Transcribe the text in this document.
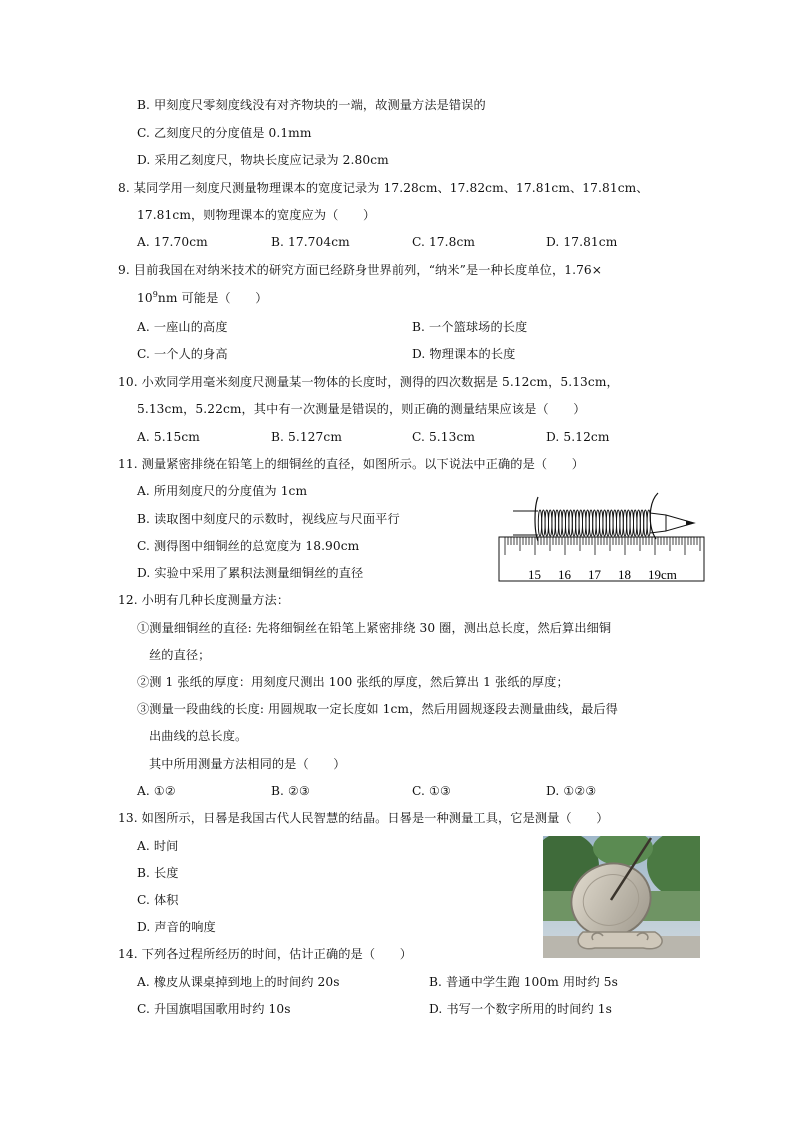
B. 甲刻度尺零刻度线没有对齐物块的一端，故测量方法是错误的
C. 乙刻度尺的分度值是 0.1mm
D. 采用乙刻度尺，物块长度应记录为 2.80cm
8. 某同学用一刻度尺测量物理课本的宽度记录为 17.28cm、17.82cm、17.81cm、17.81cm、
17.81cm，则物理课本的宽度应为（　　）
A. 17.70cm	B. 17.704cm	C. 17.8cm	D. 17.81cm
9. 目前我国在对纳米技术的研究方面已经跻身世界前列，“纳米”是一种长度单位，1.76×
$10^9nm$ 可能是（　　）
A. 一座山的高度	B. 一个篮球场的长度
C. 一个人的身高	D. 物理课本的长度
10. 小欢同学用毫米刻度尺测量某一物体的长度时，测得的四次数据是 5.12cm，5.13cm，
5.13cm，5.22cm，其中有一次测量是错误的，则正确的测量结果应该是（　　）
A. 5.15cm	B. 5.127cm	C. 5.13cm	D. 5.12cm
11. 测量紧密排绕在铅笔上的细铜丝的直径，如图所示。以下说法中正确的是（　　）
A. 所用刻度尺的分度值为 1cm
B. 读取图中刻度尺的示数时，视线应与尺面平行
C. 测得图中细铜丝的总宽度为 18.90cm
D. 实验中采用了累积法测量细铜丝的直径	15 16 17 18 19cm
12. 小明有几种长度测量方法：
①测量细铜丝的直径: 先将细铜丝在铅笔上紧密排绕 30 圈，测出总长度，然后算出细铜
丝的直径；
②测 1 张纸的厚度：用刻度尺测出 100 张纸的厚度，然后算出 1 张纸的厚度；
③测量一段曲线的长度: 用圆规取一定长度如 1cm，然后用圆规逐段去测量曲线，最后得
出曲线的总长度。
其中所用测量方法相同的是（　　）
A. ①②	B. ②③	C. ①③	D. ①②③
13. 如图所示，日晷是我国古代人民智慧的结晶。日晷是一种测量工具，它是测量（　　）
A. 时间
B. 长度
C. 体积
D. 声音的响度
14. 下列各过程所经历的时间，估计正确的是（　　）
A. 橡皮从课桌掉到地上的时间约 20s	B. 普通中学生跑 100m 用时约 5s
C. 升国旗唱国歌用时约 10s	D. 书写一个数字所用的时间约 1s
